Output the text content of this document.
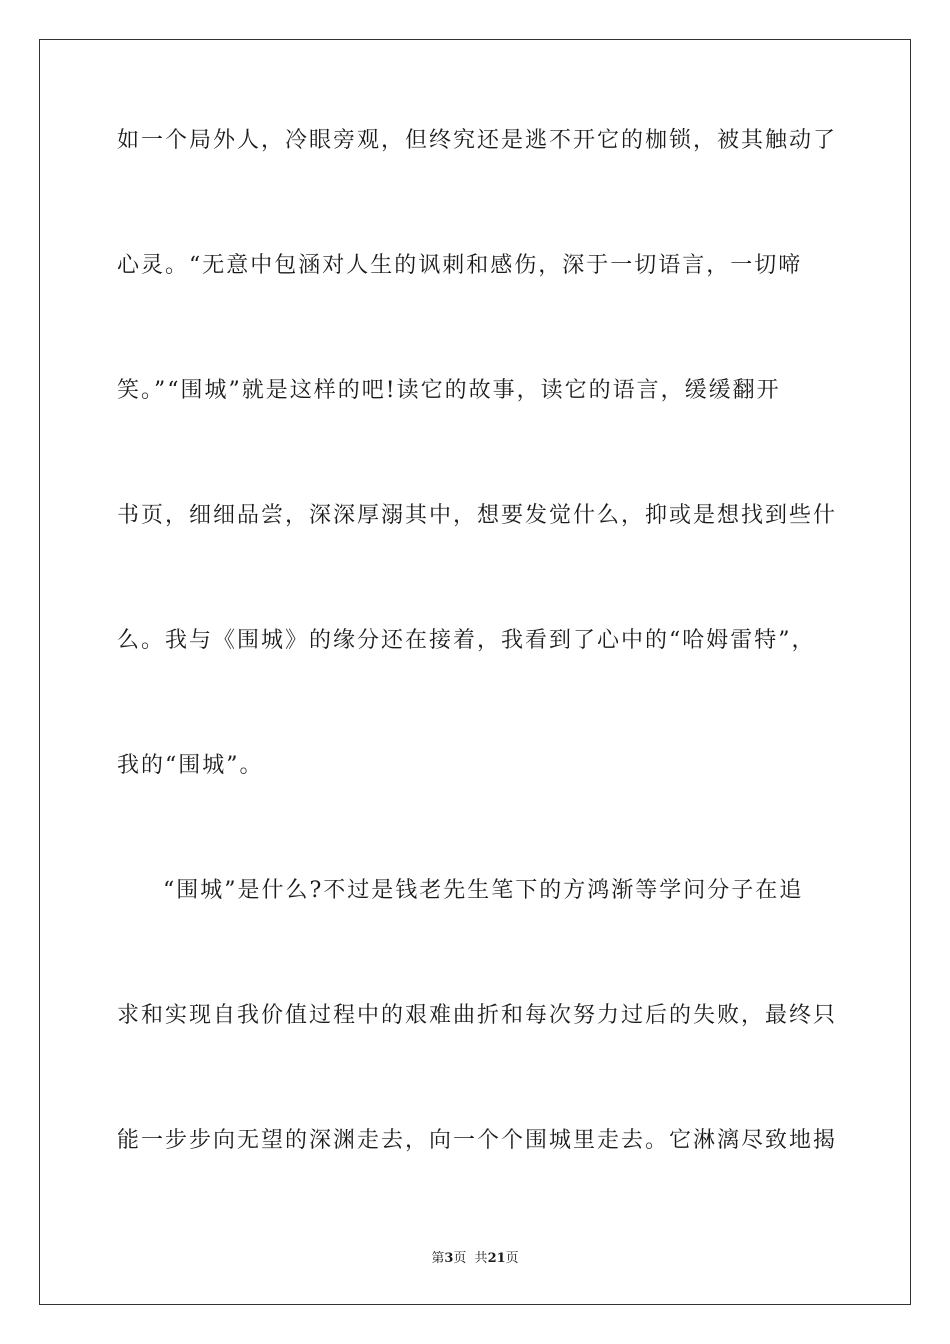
如一个局外人，冷眼旁观，但终究还是逃不开它的枷锁，被其触动了
心灵。“无意中包涵对人生的讽刺和感伤，深于一切语言，一切啼
笑。”“围城”就是这样的吧!读它的故事，读它的语言，缓缓翻开
书页，细细品尝，深深厚溺其中，想要发觉什么，抑或是想找到些什
么。我与《围城》的缘分还在接着，我看到了心中的“哈姆雷特”，
我的“围城”。
“围城”是什么?不过是钱老先生笔下的方鸿渐等学问分子在追
求和实现自我价值过程中的艰难曲折和每次努力过后的失败，最终只
能一步步向无望的深渊走去，向一个个围城里走去。它淋漓尽致地揭
第3页 共21页
